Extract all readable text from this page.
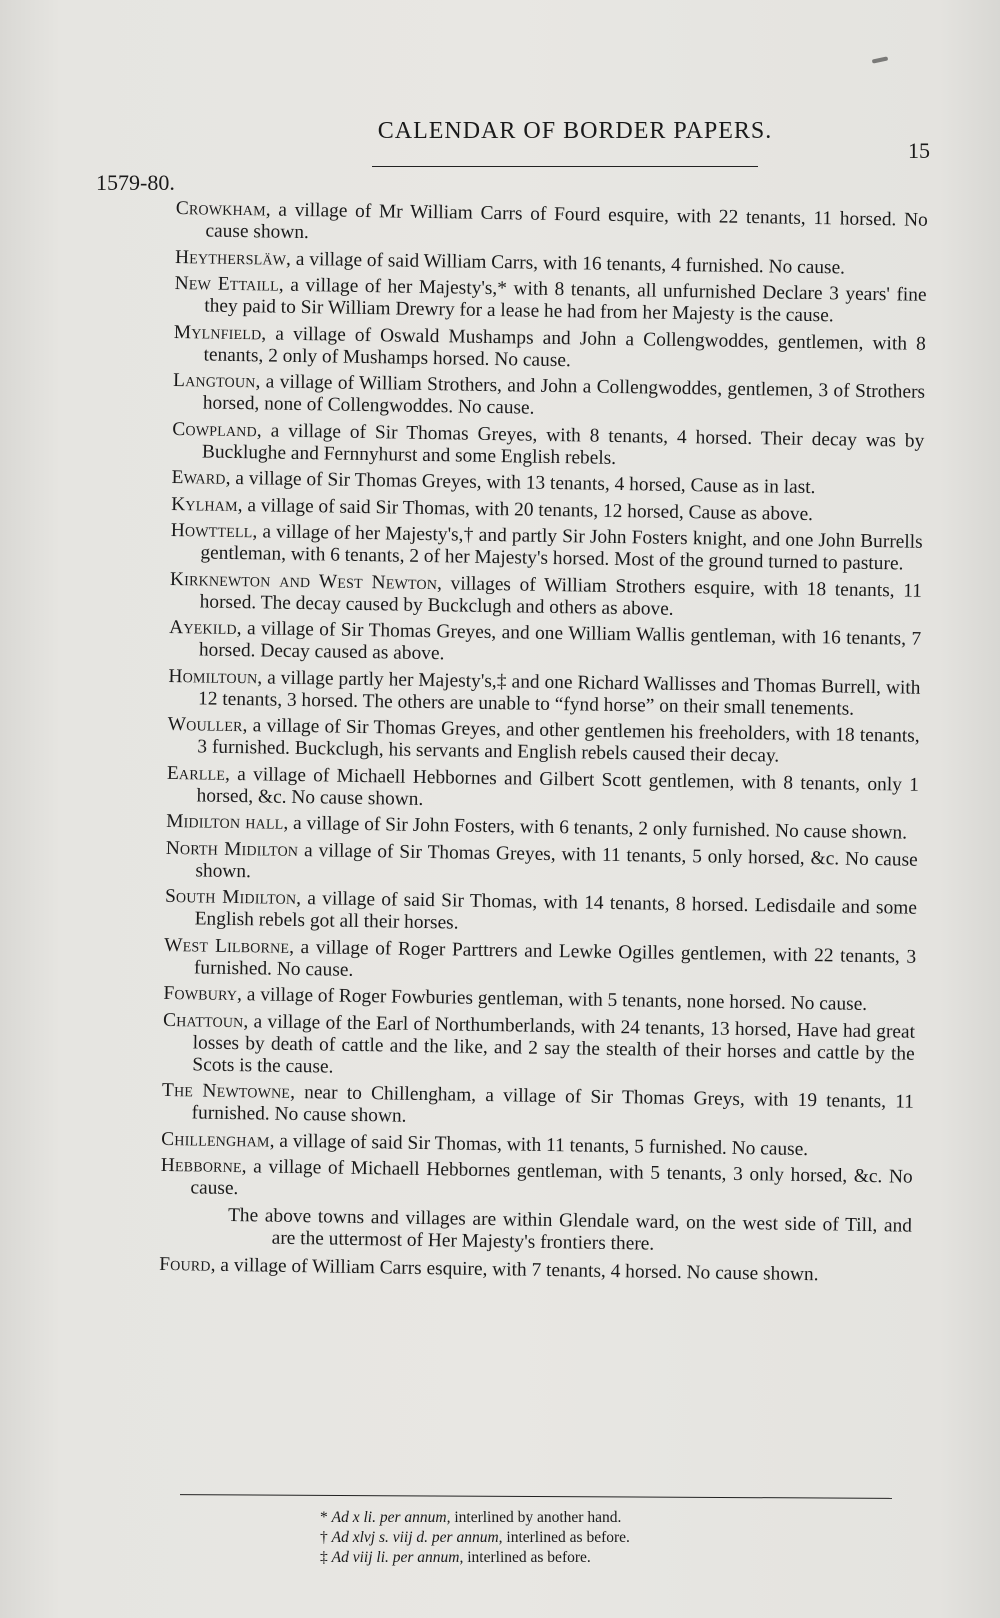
CALENDAR OF BORDER PAPERS.
15
1579-80.

Crowkham, a village of Mr William Carrs of Fourd esquire, with 22 tenants, 11 horsed. No cause shown.

Heythersläw, a village of said William Carrs, with 16 tenants, 4 furnished. No cause.

New Ettaill, a village of her Majesty's,* with 8 tenants, all unfurnished Declare 3 years' fine they paid to Sir William Drewry for a lease he had from her Majesty is the cause.

Mylnfield, a village of Oswald Mushamps and John a Collengwoddes, gentlemen, with 8 tenants, 2 only of Mushamps horsed. No cause.

Langtoun, a village of William Strothers, and John a Collengwoddes, gentlemen, 3 of Strothers horsed, none of Collengwoddes. No cause.

Cowpland, a village of Sir Thomas Greyes, with 8 tenants, 4 horsed. Their decay was by Bucklughe and Fernnyhurst and some English rebels.

Eward, a village of Sir Thomas Greyes, with 13 tenants, 4 horsed, Cause as in last.

Kylham, a village of said Sir Thomas, with 20 tenants, 12 horsed, Cause as above.

Howttell, a village of her Majesty's,† and partly Sir John Fosters knight, and one John Burrells gentleman, with 6 tenants, 2 of her Majesty's horsed. Most of the ground turned to pasture.

Kirknewton and West Newton, villages of William Strothers esquire, with 18 tenants, 11 horsed. The decay caused by Buckclugh and others as above.

Ayekild, a village of Sir Thomas Greyes, and one William Wallis gentleman, with 16 tenants, 7 horsed. Decay caused as above.

Homiltoun, a village partly her Majesty's,‡ and one Richard Wallisses and Thomas Burrell, with 12 tenants, 3 horsed. The others are unable to “fynd horse” on their small tenements.

Wouller, a village of Sir Thomas Greyes, and other gentlemen his freeholders, with 18 tenants, 3 furnished. Buckclugh, his servants and English rebels caused their decay.

Earlle, a village of Michaell Hebbornes and Gilbert Scott gentlemen, with 8 tenants, only 1 horsed, &c. No cause shown.

Midilton hall, a village of Sir John Fosters, with 6 tenants, 2 only furnished. No cause shown.

North Midilton a village of Sir Thomas Greyes, with 11 tenants, 5 only horsed, &c. No cause shown.

South Midilton, a village of said Sir Thomas, with 14 tenants, 8 horsed. Ledisdaile and some English rebels got all their horses.

West Lilborne, a village of Roger Parttrers and Lewke Ogilles gentlemen, with 22 tenants, 3 furnished. No cause.

Fowbury, a village of Roger Fowburies gentleman, with 5 tenants, none horsed. No cause.

Chattoun, a village of the Earl of Northumberlands, with 24 tenants, 13 horsed, Have had great losses by death of cattle and the like, and 2 say the stealth of their horses and cattle by the Scots is the cause.

The Newtowne, near to Chillengham, a village of Sir Thomas Greys, with 19 tenants, 11 furnished. No cause shown.

Chillengham, a village of said Sir Thomas, with 11 tenants, 5 furnished. No cause.

Hebborne, a village of Michaell Hebbornes gentleman, with 5 tenants, 3 only horsed, &c. No cause.

The above towns and villages are within Glendale ward, on the west side of Till, and are the uttermost of Her Majesty's frontiers there.

Fourd, a village of William Carrs esquire, with 7 tenants, 4 horsed. No cause shown.

* Ad x li. per annum, interlined by another hand.
† Ad xlvj s. viij d. per annum, interlined as before.
‡ Ad viij li. per annum, interlined as before.
